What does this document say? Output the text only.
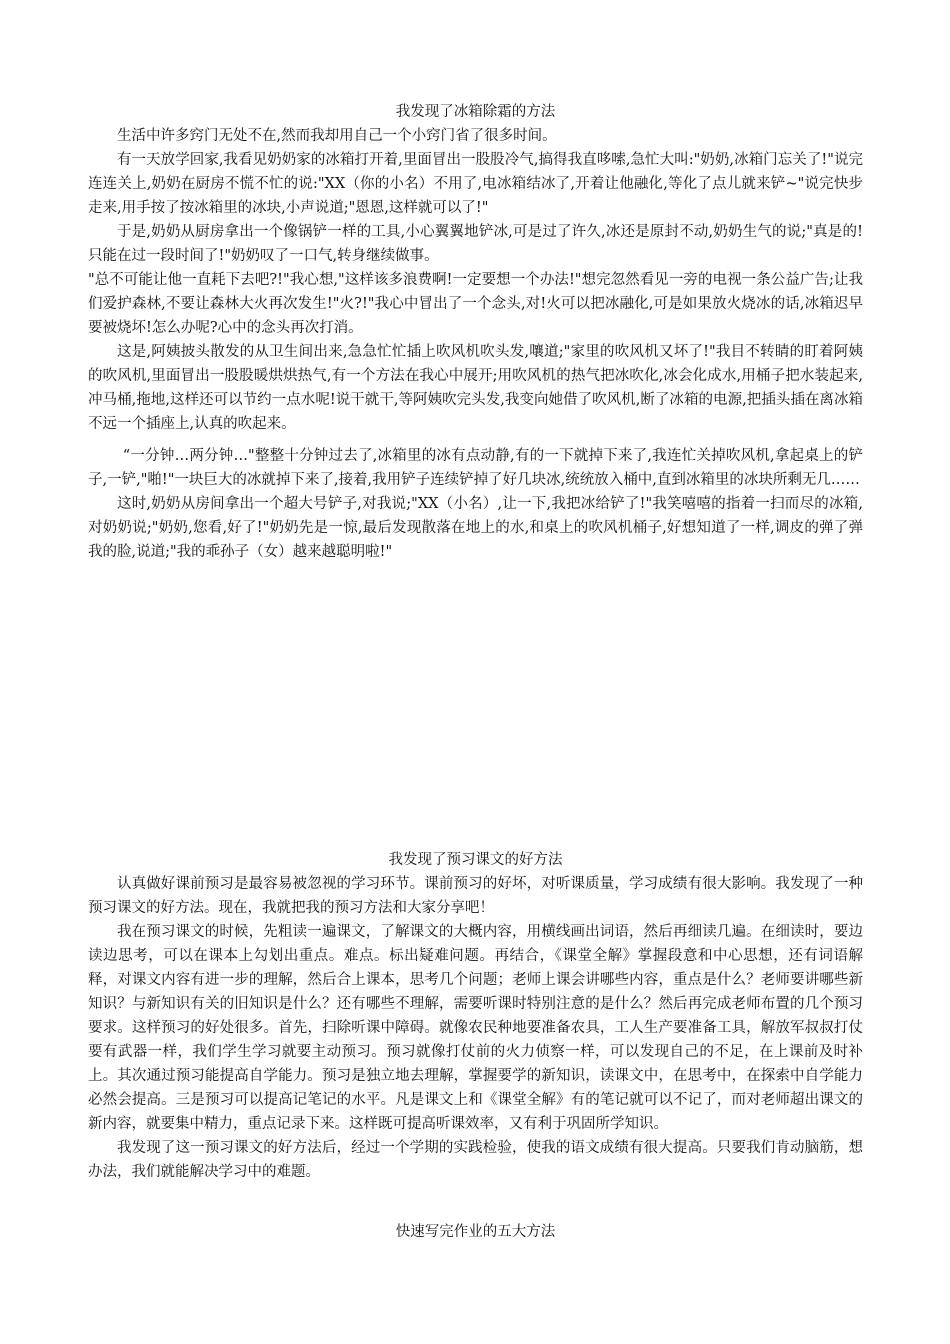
我发现了冰箱除霜的方法

生活中许多窍门无处不在,然而我却用自己一个小窍门省了很多时间。

有一天放学回家,我看见奶奶家的冰箱打开着,里面冒出一股股冷气,搞得我直哆嗦,急忙大叫:"奶奶,冰箱门忘关了!"说完连连关上,奶奶在厨房不慌不忙的说:"XX（你的小名）不用了,电冰箱结冰了,开着让他融化,等化了点儿就来铲~"说完快步走来,用手按了按冰箱里的冰块,小声说道;"恩恩,这样就可以了!"

于是,奶奶从厨房拿出一个像锅铲一样的工具,小心翼翼地铲冰,可是过了许久,冰还是原封不动,奶奶生气的说;"真是的!只能在过一段时间了!"奶奶叹了一口气,转身继续做事。

"总不可能让他一直耗下去吧?!"我心想,"这样该多浪费啊!一定要想一个办法!"想完忽然看见一旁的电视一条公益广告;让我们爱护森林,不要让森林大火再次发生!"火?!"我心中冒出了一个念头,对!火可以把冰融化,可是如果放火烧冰的话,冰箱迟早要被烧坏!怎么办呢?心中的念头再次打消。

这是,阿姨披头散发的从卫生间出来,急急忙忙插上吹风机吹头发,嚷道;"家里的吹风机又坏了!"我目不转睛的盯着阿姨的吹风机,里面冒出一股股暖烘烘热气,有一个方法在我心中展开;用吹风机的热气把冰吹化,冰会化成水,用桶子把水装起来,冲马桶,拖地,这样还可以节约一点水呢!说干就干,等阿姨吹完头发,我变向她借了吹风机,断了冰箱的电源,把插头插在离冰箱不远一个插座上,认真的吹起来。

“一分钟…两分钟…"整整十分钟过去了,冰箱里的冰有点动静,有的一下就掉下来了,我连忙关掉吹风机,拿起桌上的铲子,一铲,"啪!"一块巨大的冰就掉下来了,接着,我用铲子连续铲掉了好几块冰,统统放入桶中,直到冰箱里的冰块所剩无几……

这时,奶奶从房间拿出一个超大号铲子,对我说;"XX（小名）,让一下,我把冰给铲了!"我笑嘻嘻的指着一扫而尽的冰箱,对奶奶说;"奶奶,您看,好了!"奶奶先是一惊,最后发现散落在地上的水,和桌上的吹风机桶子,好想知道了一样,调皮的弹了弹我的脸,说道;"我的乖孙子（女）越来越聪明啦!"

我发现了预习课文的好方法

认真做好课前预习是最容易被忽视的学习环节。课前预习的好坏，对听课质量，学习成绩有很大影响。我发现了一种预习课文的好方法。现在，我就把我的预习方法和大家分享吧！

我在预习课文的时候，先粗读一遍课文，了解课文的大概内容，用横线画出词语，然后再细读几遍。在细读时，要边读边思考，可以在课本上勾划出重点。难点。标出疑难问题。再结合，《课堂全解》掌握段意和中心思想，还有词语解释，对课文内容有进一步的理解，然后合上课本，思考几个问题；老师上课会讲哪些内容，重点是什么？老师要讲哪些新知识？与新知识有关的旧知识是什么？还有哪些不理解，需要听课时特别注意的是什么？然后再完成老师布置的几个预习要求。这样预习的好处很多。首先，扫除听课中障碍。就像农民种地要准备农具，工人生产要准备工具，解放军叔叔打仗要有武器一样，我们学生学习就要主动预习。预习就像打仗前的火力侦察一样，可以发现自己的不足，在上课前及时补上。其次通过预习能提高自学能力。预习是独立地去理解，掌握要学的新知识，读课文中，在思考中，在探索中自学能力必然会提高。三是预习可以提高记笔记的水平。凡是课文上和《课堂全解》有的笔记就可以不记了，而对老师超出课文的新内容，就要集中精力，重点记录下来。这样既可提高听课效率，又有利于巩固所学知识。

我发现了这一预习课文的好方法后，经过一个学期的实践检验，使我的语文成绩有很大提高。只要我们肯动脑筋，想办法，我们就能解决学习中的难题。

快速写完作业的五大方法
